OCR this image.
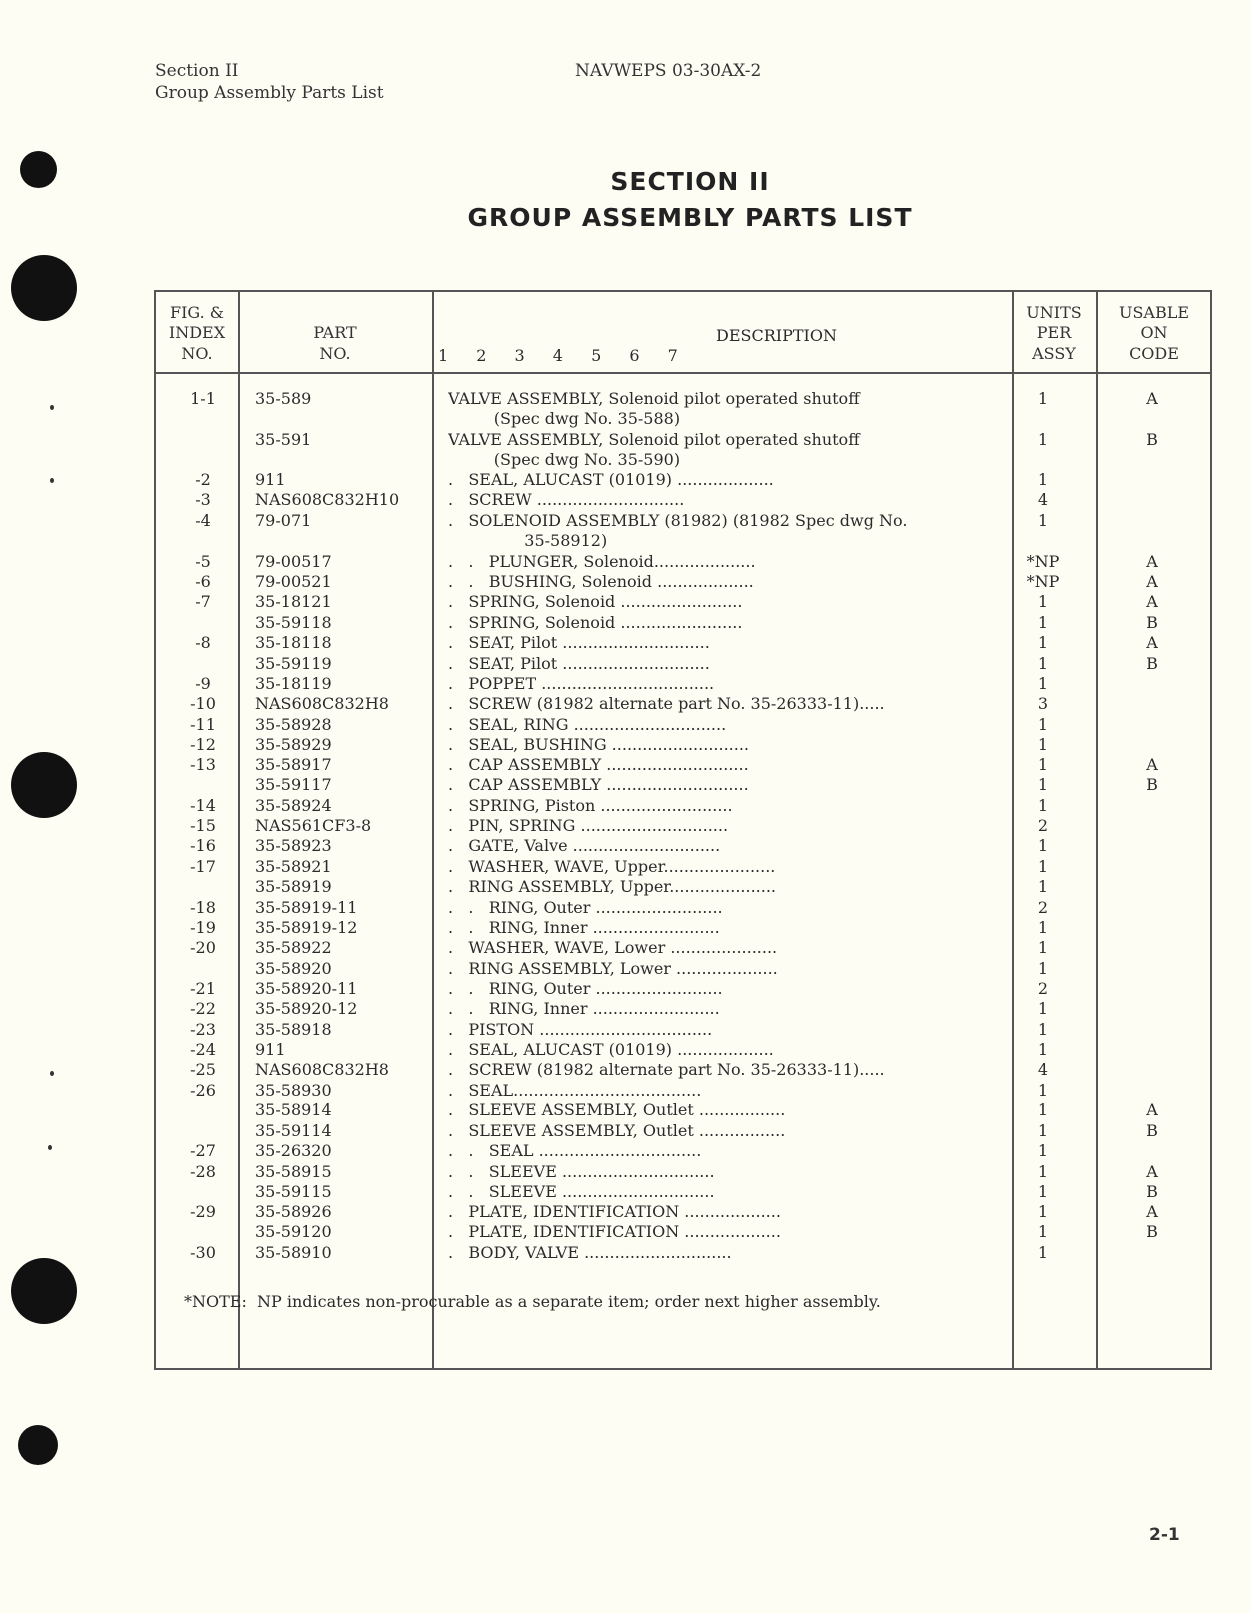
Section II
Group Assembly Parts List
NAVWEPS 03-30AX-2
SECTION II
GROUP ASSEMBLY PARTS LIST
FIG. &
INDEX
NO.
PART
NO.
DESCRIPTION
1 2 3 4 5 6 7
UNITS
PER
ASSY
USABLE
ON
CODE
1-1	35-589	VALVE ASSEMBLY, Solenoid pilot operated shutoff	1	A
(Spec dwg No. 35-588)
35-591	VALVE ASSEMBLY, Solenoid pilot operated shutoff	1	B
(Spec dwg No. 35-590)
-2	911	.   SEAL, ALUCAST (01019) ...................	1
-3	NAS608C832H10	.   SCREW .............................	4
-4	79-071	.   SOLENOID ASSEMBLY (81982) (81982 Spec dwg No.	1
35-58912)
-5	79-00517	.   .   PLUNGER, Solenoid....................	*NP	A
-6	79-00521	.   .   BUSHING, Solenoid ...................	*NP	A
-7	35-18121	.   SPRING, Solenoid ........................	1	A
35-59118	.   SPRING, Solenoid ........................	1	B
-8	35-18118	.   SEAT, Pilot .............................	1	A
35-59119	.   SEAT, Pilot .............................	1	B
-9	35-18119	.   POPPET ..................................	1
-10	NAS608C832H8	.   SCREW (81982 alternate part No. 35-26333-11).....	3
-11	35-58928	.   SEAL, RING ..............................	1
-12	35-58929	.   SEAL, BUSHING ...........................	1
-13	35-58917	.   CAP ASSEMBLY ............................	1	A
35-59117	.   CAP ASSEMBLY ............................	1	B
-14	35-58924	.   SPRING, Piston ..........................	1
-15	NAS561CF3-8	.   PIN, SPRING .............................	2
-16	35-58923	.   GATE, Valve .............................	1
-17	35-58921	.   WASHER, WAVE, Upper......................	1
35-58919	.   RING ASSEMBLY, Upper.....................	1
-18	35-58919-11	.   .   RING, Outer .........................	2
-19	35-58919-12	.   .   RING, Inner .........................	1
-20	35-58922	.   WASHER, WAVE, Lower .....................	1
35-58920	.   RING ASSEMBLY, Lower ....................	1
-21	35-58920-11	.   .   RING, Outer .........................	2
-22	35-58920-12	.   .   RING, Inner .........................	1
-23	35-58918	.   PISTON ..................................	1
-24	911	.   SEAL, ALUCAST (01019) ...................	1
-25	NAS608C832H8	.   SCREW (81982 alternate part No. 35-26333-11).....	4
-26	35-58930	.   SEAL.....................................	1
35-58914	.   SLEEVE ASSEMBLY, Outlet .................	1	A
35-59114	.   SLEEVE ASSEMBLY, Outlet .................	1	B
-27	35-26320	.   .   SEAL ................................	1
-28	35-58915	.   .   SLEEVE ..............................	1	A
35-59115	.   .   SLEEVE ..............................	1	B
-29	35-58926	.   PLATE, IDENTIFICATION ...................	1	A
35-59120	.   PLATE, IDENTIFICATION ...................	1	B
-30	35-58910	.   BODY, VALVE .............................	1
*NOTE:  NP indicates non-procurable as a separate item; order next higher assembly.
2-1
